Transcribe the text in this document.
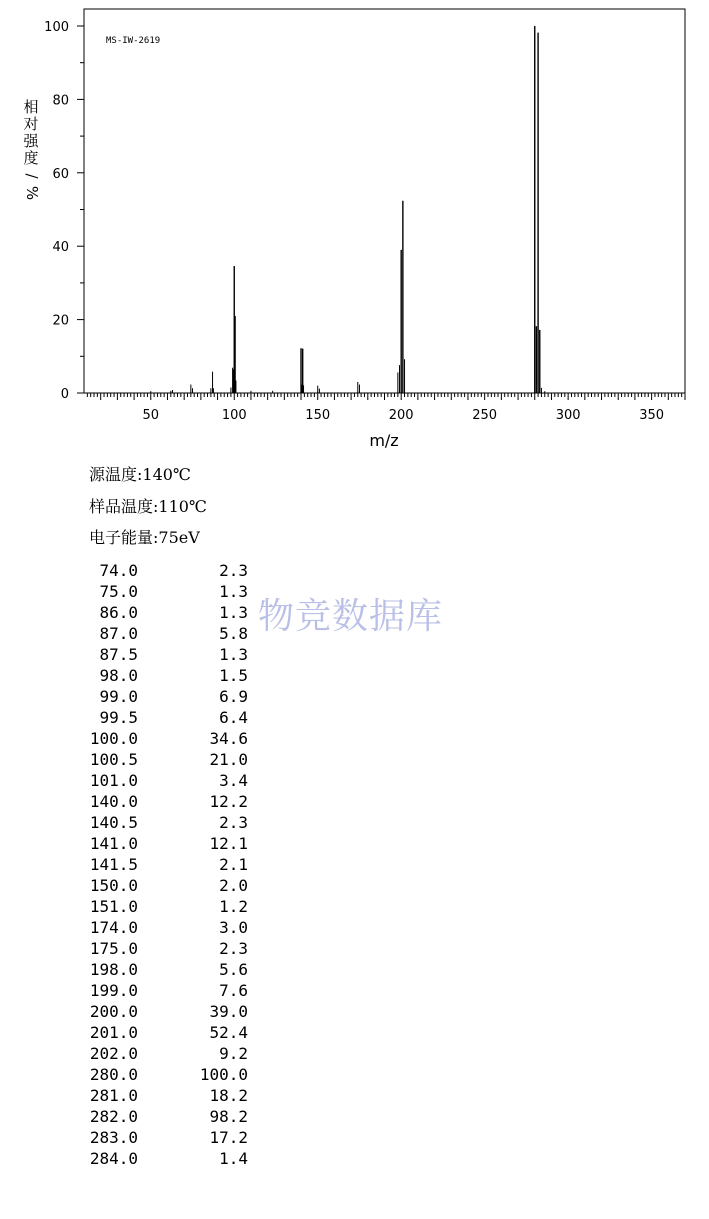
MS-IW-2619
m/z
相
对
强
度
/
%
50	100	150	200	250	300	350
0
20
40
60
80
100
源温度:140℃
样品温度:110℃
电子能量:75eV
74.0	2.3
75.0	1.3
86.0	1.3
87.0	5.8
87.5	1.3
98.0	1.5
99.0	6.9
99.5	6.4
100.0	34.6
100.5	21.0
101.0	3.4
140.0	12.2
140.5	2.3
141.0	12.1
141.5	2.1
150.0	2.0
151.0	1.2
174.0	3.0
175.0	2.3
198.0	5.6
199.0	7.6
200.0	39.0
201.0	52.4
202.0	9.2
280.0	100.0
281.0	18.2
282.0	98.2
283.0	17.2
284.0	1.4
物竞数据库
